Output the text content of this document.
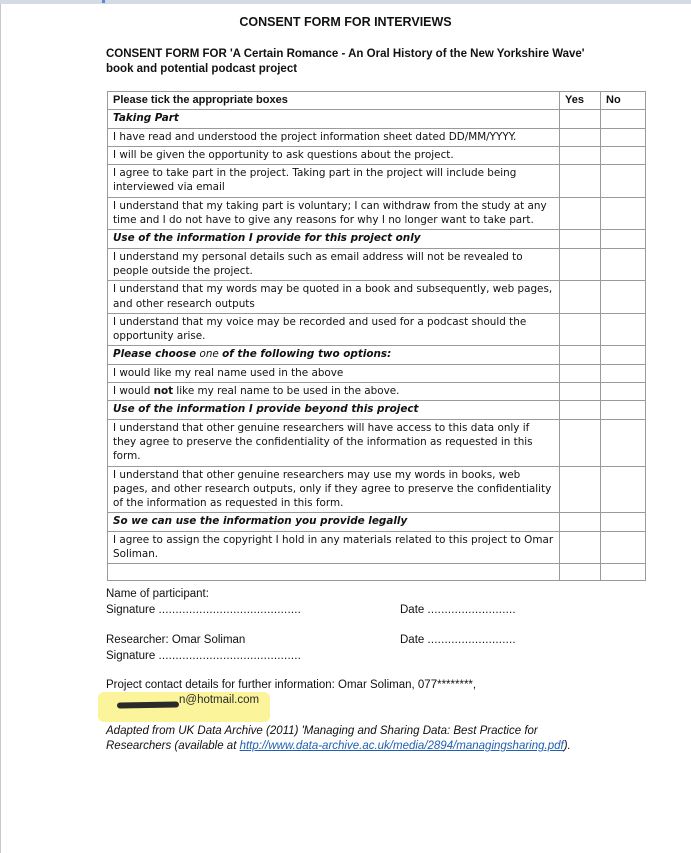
CONSENT FORM FOR INTERVIEWS
CONSENT FORM FOR 'A Certain Romance - An Oral History of the New Yorkshire Wave'
book and potential podcast project
Please tick the appropriate boxes	Yes	No
Taking Part		
I have read and understood the project information sheet dated DD/MM/YYYY.		
I will be given the opportunity to ask questions about the project.		
I agree to take part in the project. Taking part in the project will include being interviewed via email		
I understand that my taking part is voluntary; I can withdraw from the study at any time and I do not have to give any reasons for why I no longer want to take part.		
Use of the information I provide for this project only		
I understand my personal details such as email address will not be revealed to people outside the project.		
I understand that my words may be quoted in a book and subsequently, web pages, and other research outputs		
I understand that my voice may be recorded and used for a podcast should the opportunity arise.		
Please choose one of the following two options:		
I would like my real name used in the above		
I would not like my real name to be used in the above.		
Use of the information I provide beyond this project		
I understand that other genuine researchers will have access to this data only if they agree to preserve the confidentiality of the information as requested in this form.		
I understand that other genuine researchers may use my words in books, web pages, and other research outputs, only if they agree to preserve the confidentiality of the information as requested in this form.		
So we can use the information you provide legally		
I agree to assign the copyright I hold in any materials related to this project to Omar Soliman.		

Name of participant:
Signature ..........................................	Date ..........................
Researcher: Omar Soliman	Date ..........................
Signature ..........................................
Project contact details for further information: Omar Soliman, 077********,
n@hotmail.com
Adapted from UK Data Archive (2011) 'Managing and Sharing Data: Best Practice for Researchers (available at http://www.data-archive.ac.uk/media/2894/managingsharing.pdf).
